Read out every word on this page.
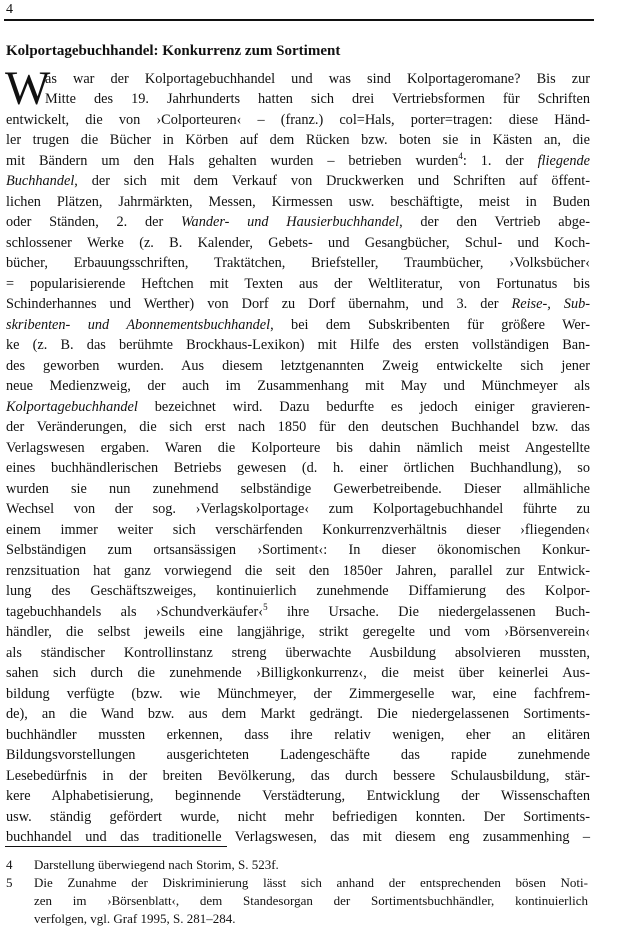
4
Kolportagebuchhandel: Konkurrenz zum Sortiment
W
as war der Kolportagebuchhandel und was sind Kolportageromane? Bis zur
Mitte des 19. Jahrhunderts hatten sich drei Vertriebsformen für Schriften
entwickelt, die von ›Colporteuren‹ – (franz.) col=Hals, porter=tragen: diese Händ-
ler trugen die Bücher in Körben auf dem Rücken bzw. boten sie in Kästen an, die
mit Bändern um den Hals gehalten wurden – betrieben wurden$^4$: 1. der fliegende
Buchhandel, der sich mit dem Verkauf von Druckwerken und Schriften auf öffent-
lichen Plätzen, Jahrmärkten, Messen, Kirmessen usw. beschäftigte, meist in Buden
oder Ständen, 2. der Wander- und Hausierbuchhandel, der den Vertrieb abge-
schlossener Werke (z. B. Kalender, Gebets- und Gesangbücher, Schul- und Koch-
bücher, Erbauungsschriften, Traktätchen, Briefsteller, Traumbücher, ›Volksbücher‹
= popularisierende Heftchen mit Texten aus der Weltliteratur, von Fortunatus bis
Schinderhannes und Werther) von Dorf zu Dorf übernahm, und 3. der Reise-, Sub-
skribenten- und Abonnementsbuchhandel, bei dem Subskribenten für größere Wer-
ke (z. B. das berühmte Brockhaus-Lexikon) mit Hilfe des ersten vollständigen Ban-
des geworben wurden. Aus diesem letztgenannten Zweig entwickelte sich jener
neue Medienzweig, der auch im Zusammenhang mit May und Münchmeyer als
Kolportagebuchhandel bezeichnet wird. Dazu bedurfte es jedoch einiger gravieren-
der Veränderungen, die sich erst nach 1850 für den deutschen Buchhandel bzw. das
Verlagswesen ergaben. Waren die Kolporteure bis dahin nämlich meist Angestellte
eines buchhändlerischen Betriebs gewesen (d. h. einer örtlichen Buchhandlung), so
wurden sie nun zunehmend selbständige Gewerbetreibende. Dieser allmähliche
Wechsel von der sog. ›Verlagskolportage‹ zum Kolportagebuchhandel führte zu
einem immer weiter sich verschärfenden Konkurrenzverhältnis dieser ›fliegenden‹
Selbständigen zum ortsansässigen ›Sortiment‹: In dieser ökonomischen Konkur-
renzsituation hat ganz vorwiegend die seit den 1850er Jahren, parallel zur Entwick-
lung des Geschäftszweiges, kontinuierlich zunehmende Diffamierung des Kolpor-
tagebuchhandels als ›Schundverkäufer‹$^5$ ihre Ursache. Die niedergelassenen Buch-
händler, die selbst jeweils eine langjährige, strikt geregelte und vom ›Börsenverein‹
als ständischer Kontrollinstanz streng überwachte Ausbildung absolvieren mussten,
sahen sich durch die zunehmende ›Billigkonkurrenz‹, die meist über keinerlei Aus-
bildung verfügte (bzw. wie Münchmeyer, der Zimmergeselle war, eine fachfrem-
de), an die Wand bzw. aus dem Markt gedrängt. Die niedergelassenen Sortiments-
buchhändler mussten erkennen, dass ihre relativ wenigen, eher an elitären
Bildungsvorstellungen ausgerichteten Ladengeschäfte das rapide zunehmende
Lesebedürfnis in der breiten Bevölkerung, das durch bessere Schulausbildung, stär-
kere Alphabetisierung, beginnende Verstädterung, Entwicklung der Wissenschaften
usw. ständig gefördert wurde, nicht mehr befriedigen konnten. Der Sortiments-
buchhandel und das traditionelle Verlagswesen, das mit diesem eng zusammenhing –
4 Darstellung überwiegend nach Storim, S. 523f.
5 Die Zunahme der Diskriminierung lässt sich anhand der entsprechenden bösen Noti-
zen im ›Börsenblatt‹, dem Standesorgan der Sortimentsbuchhändler, kontinuierlich
verfolgen, vgl. Graf 1995, S. 281–284.
